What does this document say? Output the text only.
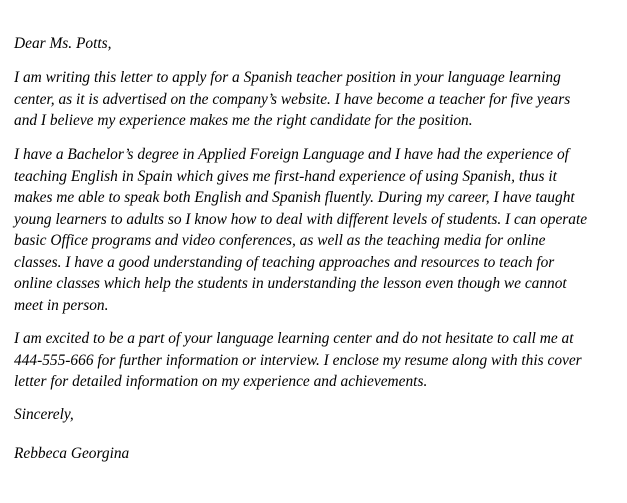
Dear Ms. Potts,

I am writing this letter to apply for a Spanish teacher position in your language learning
center, as it is advertised on the company’s website. I have become a teacher for five years
and I believe my experience makes me the right candidate for the position.

I have a Bachelor’s degree in Applied Foreign Language and I have had the experience of
teaching English in Spain which gives me first-hand experience of using Spanish, thus it
makes me able to speak both English and Spanish fluently. During my career, I have taught
young learners to adults so I know how to deal with different levels of students. I can operate
basic Office programs and video conferences, as well as the teaching media for online
classes. I have a good understanding of teaching approaches and resources to teach for
online classes which help the students in understanding the lesson even though we cannot
meet in person.

I am excited to be a part of your language learning center and do not hesitate to call me at
444-555-666 for further information or interview. I enclose my resume along with this cover
letter for detailed information on my experience and achievements.

Sincerely,

Rebbeca Georgina
